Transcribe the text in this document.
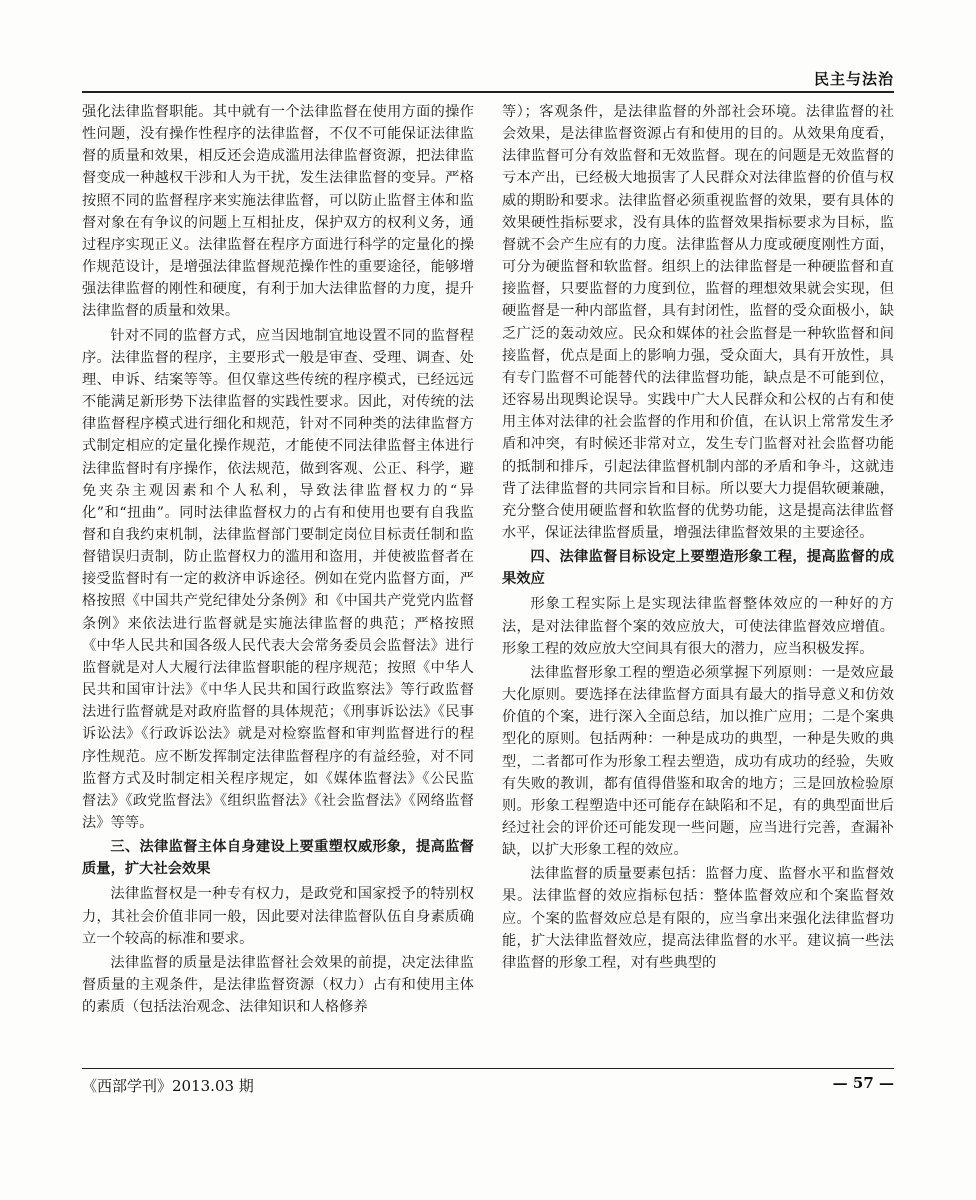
民主与法治

强化法律监督职能。其中就有一个法律监督在使用方面的操作性问题，没有操作性程序的法律监督，不仅不可能保证法律监督的质量和效果，相反还会造成滥用法律监督资源，把法律监督变成一种越权干涉和人为干扰，发生法律监督的变异。严格按照不同的监督程序来实施法律监督，可以防止监督主体和监督对象在有争议的问题上互相扯皮，保护双方的权利义务，通过程序实现正义。法律监督在程序方面进行科学的定量化的操作规范设计，是增强法律监督规范操作性的重要途径，能够增强法律监督的刚性和硬度，有利于加大法律监督的力度，提升法律监督的质量和效果。

针对不同的监督方式，应当因地制宜地设置不同的监督程序。法律监督的程序，主要形式一般是审查、受理、调查、处理、申诉、结案等等。但仅靠这些传统的程序模式，已经远远不能满足新形势下法律监督的实践性要求。因此，对传统的法律监督程序模式进行细化和规范，针对不同种类的法律监督方式制定相应的定量化操作规范，才能使不同法律监督主体进行法律监督时有序操作，依法规范，做到客观、公正、科学，避免夹杂主观因素和个人私利，导致法律监督权力的“异化”和“扭曲”。同时法律监督权力的占有和使用也要有自我监督和自我约束机制，法律监督部门要制定岗位目标责任制和监督错误归责制，防止监督权力的滥用和盗用，并使被监督者在接受监督时有一定的救济申诉途径。例如在党内监督方面，严格按照《中国共产党纪律处分条例》和《中国共产党党内监督条例》来依法进行监督就是实施法律监督的典范；严格按照《中华人民共和国各级人民代表大会常务委员会监督法》进行监督就是对人大履行法律监督职能的程序规范；按照《中华人民共和国审计法》《中华人民共和国行政监察法》等行政监督法进行监督就是对政府监督的具体规范；《刑事诉讼法》《民事诉讼法》《行政诉讼法》就是对检察监督和审判监督进行的程序性规范。应不断发挥制定法律监督程序的有益经验，对不同监督方式及时制定相关程序规定，如《媒体监督法》《公民监督法》《政党监督法》《组织监督法》《社会监督法》《网络监督法》等等。

三、法律监督主体自身建设上要重塑权威形象，提高监督质量，扩大社会效果

法律监督权是一种专有权力，是政党和国家授予的特别权力，其社会价值非同一般，因此要对法律监督队伍自身素质确立一个较高的标准和要求。

法律监督的质量是法律监督社会效果的前提，决定法律监督质量的主观条件，是法律监督资源（权力）占有和使用主体的素质（包括法治观念、法律知识和人格修养

等）；客观条件，是法律监督的外部社会环境。法律监督的社会效果，是法律监督资源占有和使用的目的。从效果角度看，法律监督可分有效监督和无效监督。现在的问题是无效监督的亏本产出，已经极大地损害了人民群众对法律监督的价值与权威的期盼和要求。法律监督必须重视监督的效果，要有具体的效果硬性指标要求，没有具体的监督效果指标要求为目标，监督就不会产生应有的力度。法律监督从力度或硬度刚性方面，可分为硬监督和软监督。组织上的法律监督是一种硬监督和直接监督，只要监督的力度到位，监督的理想效果就会实现，但硬监督是一种内部监督，具有封闭性，监督的受众面极小，缺乏广泛的轰动效应。民众和媒体的社会监督是一种软监督和间接监督，优点是面上的影响力强，受众面大，具有开放性，具有专门监督不可能替代的法律监督功能，缺点是不可能到位，还容易出现舆论误导。实践中广大人民群众和公权的占有和使用主体对法律的社会监督的作用和价值，在认识上常常发生矛盾和冲突，有时候还非常对立，发生专门监督对社会监督功能的抵制和排斥，引起法律监督机制内部的矛盾和争斗，这就违背了法律监督的共同宗旨和目标。所以要大力提倡软硬兼融，充分整合使用硬监督和软监督的优势功能，这是提高法律监督水平，保证法律监督质量，增强法律监督效果的主要途径。

四、法律监督目标设定上要塑造形象工程，提高监督的成果效应

形象工程实际上是实现法律监督整体效应的一种好的方法，是对法律监督个案的效应放大，可使法律监督效应增值。形象工程的效应放大空间具有很大的潜力，应当积极发挥。

法律监督形象工程的塑造必须掌握下列原则：一是效应最大化原则。要选择在法律监督方面具有最大的指导意义和仿效价值的个案，进行深入全面总结，加以推广应用；二是个案典型化的原则。包括两种：一种是成功的典型，一种是失败的典型，二者都可作为形象工程去塑造，成功有成功的经验，失败有失败的教训，都有值得借鉴和取舍的地方；三是回放检验原则。形象工程塑造中还可能存在缺陷和不足，有的典型面世后经过社会的评价还可能发现一些问题，应当进行完善，查漏补缺，以扩大形象工程的效应。

法律监督的质量要素包括：监督力度、监督水平和监督效果。法律监督的效应指标包括：整体监督效应和个案监督效应。个案的监督效应总是有限的，应当拿出来强化法律监督功能，扩大法律监督效应，提高法律监督的水平。建议搞一些法律监督的形象工程，对有些典型的

《西部学刊》2013.03 期	— 57 —
